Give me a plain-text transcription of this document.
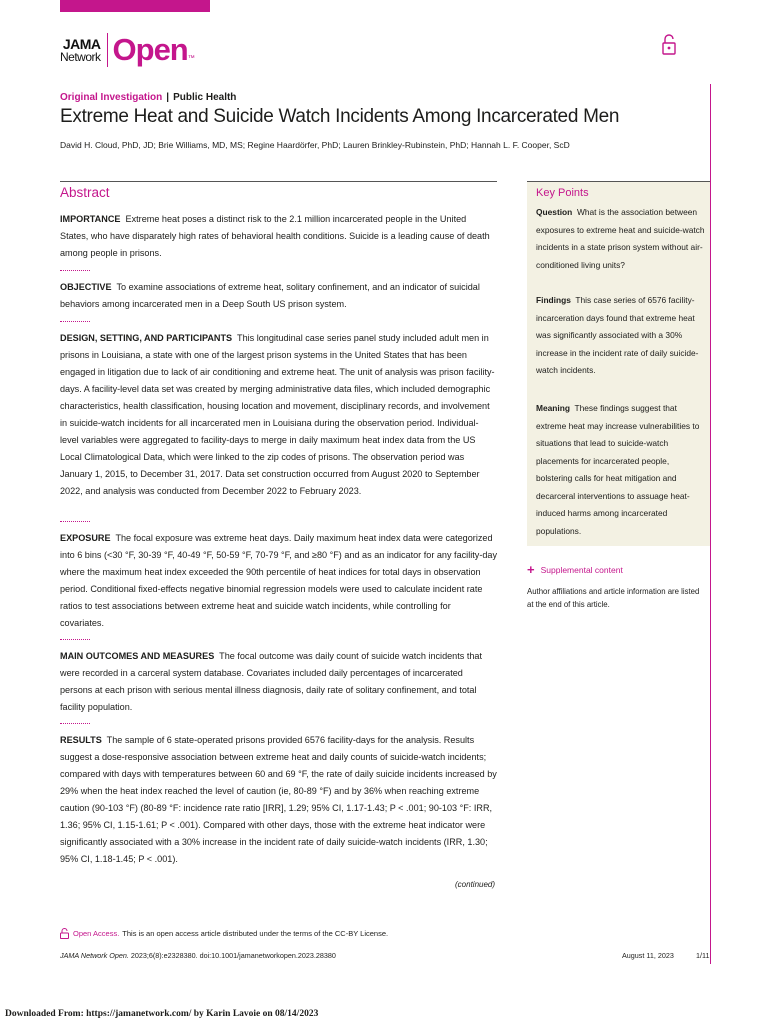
JAMA
Network Open ™
Original Investigation | Public Health
Extreme Heat and Suicide Watch Incidents Among Incarcerated Men
David H. Cloud, PhD, JD; Brie Williams, MD, MS; Regine Haardörfer, PhD; Lauren Brinkley-Rubinstein, PhD; Hannah L. F. Cooper, ScD
Abstract

IMPORTANCE Extreme heat poses a distinct risk to the 2.1 million incarcerated people in the United States, who have disparately high rates of behavioral health conditions. Suicide is a leading cause of death among people in prisons.

OBJECTIVE To examine associations of extreme heat, solitary confinement, and an indicator of suicidal behaviors among incarcerated men in a Deep South US prison system.

DESIGN, SETTING, AND PARTICIPANTS This longitudinal case series panel study included adult men in prisons in Louisiana, a state with one of the largest prison systems in the United States that has been engaged in litigation due to lack of air conditioning and extreme heat. The unit of analysis was prison facility-days. A facility-level data set was created by merging administrative data files, which included demographic characteristics, health classification, housing location and movement, disciplinary records, and involvement in suicide-watch incidents for all incarcerated men in Louisiana during the observation period. Individual-level variables were aggregated to facility-days to merge in daily maximum heat index data from the US Local Climatological Data, which were linked to the zip codes of prisons. The observation period was January 1, 2015, to December 31, 2017. Data set construction occurred from August 2020 to September 2022, and analysis was conducted from December 2022 to February 2023.

EXPOSURE The focal exposure was extreme heat days. Daily maximum heat index data were categorized into 6 bins (<30 °F, 30-39 °F, 40-49 °F, 50-59 °F, 70-79 °F, and ≥80 °F) and as an indicator for any facility-day where the maximum heat index exceeded the 90th percentile of heat indices for total days in observation period. Conditional fixed-effects negative binomial regression models were used to calculate incident rate ratios to test associations between extreme heat and suicide watch incidents, while controlling for covariates.

MAIN OUTCOMES AND MEASURES The focal outcome was daily count of suicide watch incidents that were recorded in a carceral system database. Covariates included daily percentages of incarcerated persons at each prison with serious mental illness diagnosis, daily rate of solitary confinement, and total facility population.

RESULTS The sample of 6 state-operated prisons provided 6576 facility-days for the analysis. Results suggest a dose-responsive association between extreme heat and daily counts of suicide-watch incidents; compared with days with temperatures between 60 and 69 °F, the rate of daily suicide incidents increased by 29% when the heat index reached the level of caution (ie, 80-89 °F) and by 36% when reaching extreme caution (90-103 °F) (80-89 °F: incidence rate ratio [IRR], 1.29; 95% CI, 1.17-1.43; P < .001; 90-103 °F: IRR, 1.36; 95% CI, 1.15-1.61; P < .001). Compared with other days, those with the extreme heat indicator were significantly associated with a 30% increase in the incident rate of daily suicide-watch incidents (IRR, 1.30; 95% CI, 1.18-1.45; P < .001).

(continued)
Key Points

Question What is the association between exposures to extreme heat and suicide-watch incidents in a state prison system without air-conditioned living units?

Findings This case series of 6576 facility-incarceration days found that extreme heat was significantly associated with a 30% increase in the incident rate of daily suicide-watch incidents.

Meaning These findings suggest that extreme heat may increase vulnerabilities to situations that lead to suicide-watch placements for incarcerated people, bolstering calls for heat mitigation and decarceral interventions to assuage heat-induced harms among incarcerated populations.

+ Supplemental content
Author affiliations and article information are listed at the end of this article.
Open Access. This is an open access article distributed under the terms of the CC-BY License.
JAMA Network Open. 2023;6(8):e2328380. doi:10.1001/jamanetworkopen.2023.28380	August 11, 2023	1/11
Downloaded From: https://jamanetwork.com/ by Karin Lavoie on 08/14/2023
